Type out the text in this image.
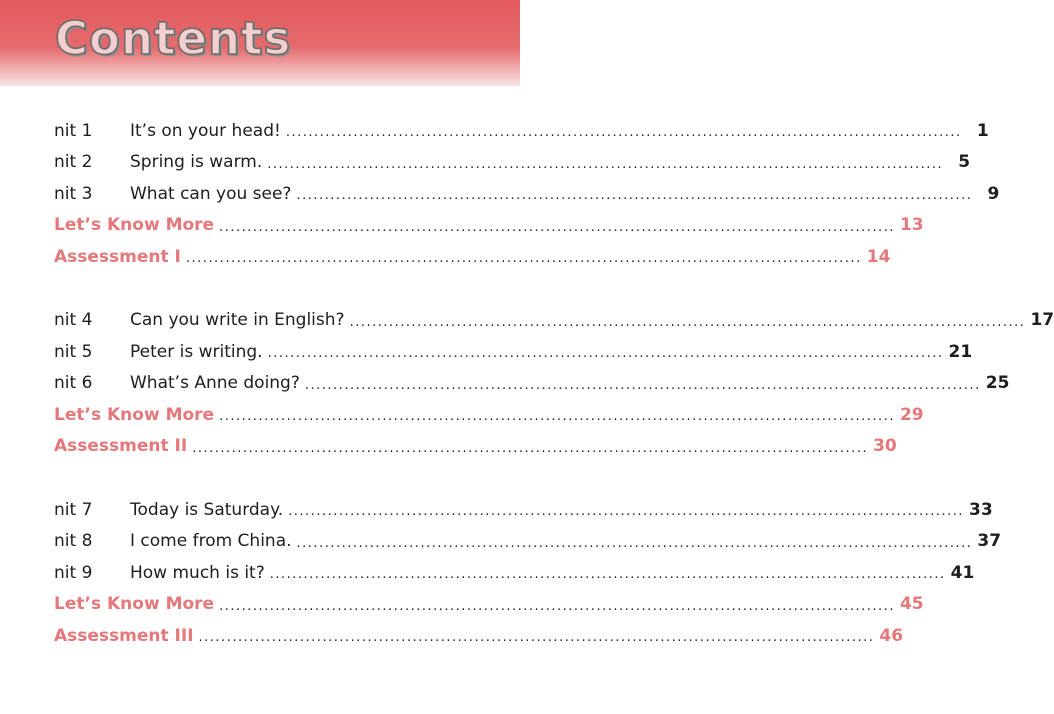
Contents
nit 1	It’s on your head! ........................................................................................................................ 1
nit 2	Spring is warm. ........................................................................................................................ 5
nit 3	What can you see? ........................................................................................................................ 9
Let’s Know More ........................................................................................................................ 13
Assessment I ........................................................................................................................ 14
nit 4	Can you write in English? ........................................................................................................................ 17
nit 5	Peter is writing. ........................................................................................................................ 21
nit 6	What’s Anne doing? ........................................................................................................................ 25
Let’s Know More ........................................................................................................................ 29
Assessment II ........................................................................................................................ 30
nit 7	Today is Saturday. ........................................................................................................................ 33
nit 8	I come from China. ........................................................................................................................ 37
nit 9	How much is it? ........................................................................................................................ 41
Let’s Know More ........................................................................................................................ 45
Assessment III ........................................................................................................................ 46
